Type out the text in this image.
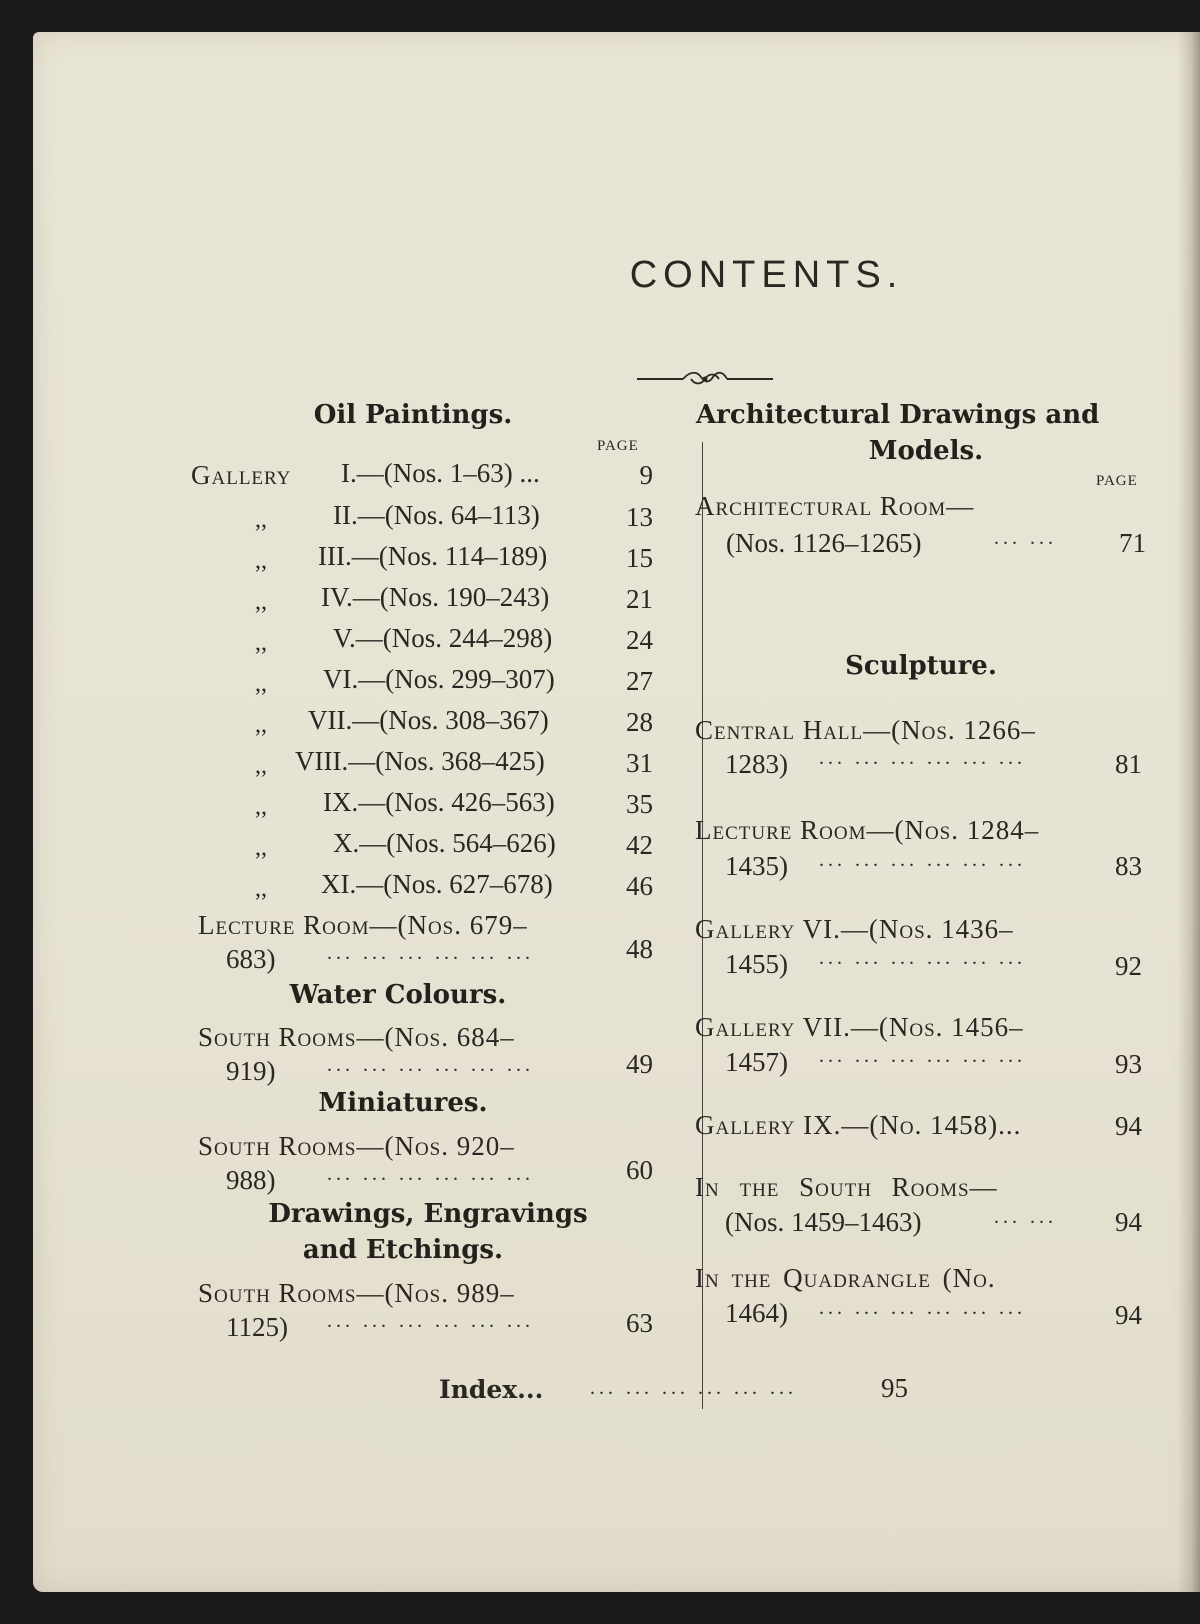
CONTENTS.
Oil Paintings.
PAGE
Gallery I.—(Nos. 1–63) ...	9
,, II.—(Nos. 64–113)	13
,, III.—(Nos. 114–189)	15
,, IV.—(Nos. 190–243)	21
,, V.—(Nos. 244–298)	24
,, VI.—(Nos. 299–307)	27
,, VII.—(Nos. 308–367)	28
,, VIII.—(Nos. 368–425)	31
,, IX.—(Nos. 426–563)	35
,, X.—(Nos. 564–626)	42
,, XI.—(Nos. 627–678)	46
Lecture Room—(Nos. 679–
683)	... ... ... ... ... ...	48
Water Colours.
South Rooms—(Nos. 684–
919)	... ... ... ... ... ...	49
Miniatures.
South Rooms—(Nos. 920–
988)	... ... ... ... ... ...	60
Drawings, Engravings
and Etchings.
South Rooms—(Nos. 989–
1125) ... ... ... ... ... ...	63
Architectural Drawings and
Models.
PAGE
Architectural Room—
(Nos. 1126–1265)	... ...	71
Sculpture.
Central Hall—(Nos. 1266–
1283) ... ... ... ... ... ...	81
Lecture Room—(Nos. 1284–
1435) ... ... ... ... ... ...	83
Gallery VI.—(Nos. 1436–
1455) ... ... ... ... ... ...	92
Gallery VII.—(Nos. 1456–
1457) ... ... ... ... ... ...	93
Gallery IX.—(No. 1458)...	94
In the South Rooms—
(Nos. 1459–1463)	... ...	94
In the Quadrangle (No.
1464) ... ... ... ... ... ...	94
Index... ... ... ... ... ... ...	95
